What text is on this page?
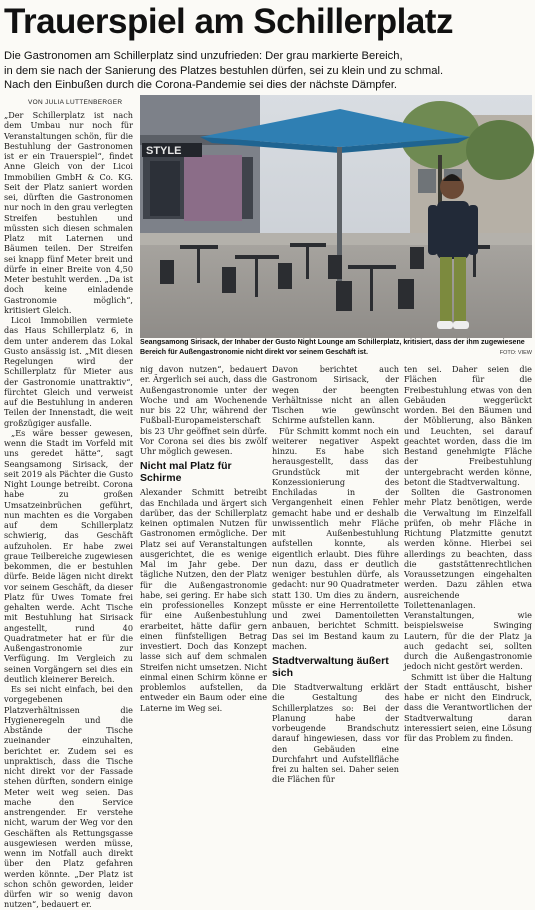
Trauerspiel am Schillerplatz
Die Gastronomen am Schillerplatz sind unzufrieden: Der grau markierte Bereich,
in dem sie nach der Sanierung des Platzes bestuhlen dürfen, sei zu klein und zu schmal.
Nach den Einbußen durch die Corona-Pandemie sei dies der nächste Dämpfer.
VON JULIA LUTTENBERGER

„Der Schillerplatz ist nach dem Umbau nur noch für Veranstaltungen schön, für die Bestuhlung der Gastronomen ist er ein Trauerspiel“, findet Anne Gleich von der Licoi Immobilien GmbH & Co. KG. Seit der Platz saniert worden sei, dürften die Gastronomen nur noch in den grau verlegten Streifen bestuhlen und müssten sich diesen schmalen Platz mit Laternen und Bäumen teilen. Der Streifen sei knapp fünf Meter breit und dürfe in einer Breite von 4,50 Meter bestuhlt werden. „Da ist doch keine einladende Gastronomie möglich“, kritisiert Gleich.

Licoi Immobilien vermiete das Haus Schillerplatz 6, in dem unter anderem das Lokal Gusto ansässig ist. „Mit diesen Regelungen wird der Schillerplatz für Mieter aus der Gastronomie unattraktiv“, fürchtet Gleich und verweist auf die Bestuhlung in anderen Teilen der Innenstadt, die weit großzügiger ausfalle.

„Es wäre besser gewesen, wenn die Stadt im Vorfeld mit uns geredet hätte“, sagt Seangsamong Sirisack, der seit 2019 als Pächter die Gusto Night Lounge betreibt. Corona habe zu großen Umsatzeinbrüchen geführt, nun machten es die Vorgaben auf dem Schillerplatz schwierig, das Geschäft aufzuholen. Er habe zwei graue Teilbereiche zugewiesen bekommen, die er bestuhlen dürfe. Beide lägen nicht direkt vor seinem Geschäft, da dieser Platz für Uwes Tomate frei gehalten werde. Acht Tische mit Bestuhlung hat Sirisack angestellt, rund 40 Quadratmeter hat er für die Außengastronomie zur Verfügung. Im Vergleich zu seinen Vorgängern sei dies ein deutlich kleinerer Bereich.

Es sei nicht einfach, bei den vorgegebenen Platzverhältnissen die Hygieneregeln und die Abstände der Tische zueinander einzuhalten, berichtet er. Zudem sei es unpraktisch, dass die Tische nicht direkt vor der Fassade stehen dürften, sondern einige Meter weit weg seien. Das mache den Service anstrengender. Er verstehe nicht, warum der Weg vor den Geschäften als Rettungsgasse ausgewiesen werden müsse, wenn im Notfall auch direkt über den Platz gefahren werden könnte. „Der Platz ist schon schön geworden, leider dürfen wir so wenig davon nutzen“, bedauert er.

STYLE
Seangsamong Sirisack, der Inhaber der Gusto Night Lounge am Schillerplatz, kritisiert, dass der ihm zugewiesene Bereich für Außengastronomie nicht direkt vor seinem Geschäft ist.	FOTO: VIEW

nig davon nutzen“, bedauert er. Ärgerlich sei auch, dass die Außengastronomie unter der Woche und am Wochenende nur bis 22 Uhr, während der Fußball-Europameisterschaft bis 23 Uhr geöffnet sein dürfe. Vor Corona sei dies bis zwölf Uhr möglich gewesen.

Nicht mal Platz für Schirme

Alexander Schmitt betreibt das Enchilada und ärgert sich darüber, das der Schillerplatz keinen optimalen Nutzen für Gastronomen ermögliche. Der Platz sei auf Veranstaltungen ausgerichtet, die es wenige Mal im Jahr gebe. Der tägliche Nutzen, den der Platz für die Außengastronomie habe, sei gering. Er habe sich ein professionelles Konzept für eine Außenbestuhlung erarbeitet, hätte dafür gern einen fünfstelligen Betrag investiert. Doch das Konzept lasse sich auf dem schmalen Streifen nicht umsetzen. Nicht einmal einen Schirm könne er problemlos aufstellen, da entweder ein Baum oder eine Laterne im Weg sei.

Davon berichtet auch Gastronom Sirisack, der wegen der beengten Verhältnisse nicht an allen Tischen wie gewünscht Schirme aufstellen kann.

Für Schmitt kommt noch ein weiterer negativer Aspekt hinzu. Es habe sich herausgestellt, dass das Grundstück mit der Konzessionierung des Enchiladas in der Vergangenheit einen Fehler gemacht habe und er deshalb unwissentlich mehr Fläche mit Außenbestuhlung aufstellen konnte, als eigentlich erlaubt. Dies führe nun dazu, dass er deutlich weniger bestuhlen dürfe, als gedacht: nur 90 Quadratmeter statt 130. Um dies zu ändern, müsste er eine Herrentoilette und zwei Damentoiletten anbauen, berichtet Schmitt. Das sei im Bestand kaum zu machen.

Stadtverwaltung äußert sich

Die Stadtverwaltung erklärt die Gestaltung des Schillerplatzes so: Bei der Planung habe der vorbeugende Brandschutz darauf hingewiesen, dass vor den Gebäuden eine Durchfahrt und Aufstellfläche frei zu halten sei. Daher seien die Flächen für

ten sei. Daher seien die Flächen für die Freibestuhlung etwas von den Gebäuden weggerückt worden. Bei den Bäumen und der Möblierung, also Bänken und Leuchten, sei darauf geachtet worden, dass die im Bestand genehmigte Fläche der Freibestuhlung untergebracht werden könne, betont die Stadtverwaltung.

Sollten die Gastronomen mehr Platz benötigen, werde die Verwaltung im Einzelfall prüfen, ob mehr Fläche in Richtung Platzmitte genutzt werden könne. Hierbei sei allerdings zu beachten, dass die gaststättenrechtlichen Voraussetzungen eingehalten werden. Dazu zählen etwa ausreichende Toilettenanlagen. Veranstaltungen, wie beispielsweise Swinging Lautern, für die der Platz ja auch gedacht sei, sollten durch die Außengastronomie jedoch nicht gestört werden.

Schmitt ist über die Haltung der Stadt enttäuscht, bisher habe er nicht den Eindruck, dass die Verantwortlichen der Stadtverwaltung daran interessiert seien, eine Lösung für das Problem zu finden.
